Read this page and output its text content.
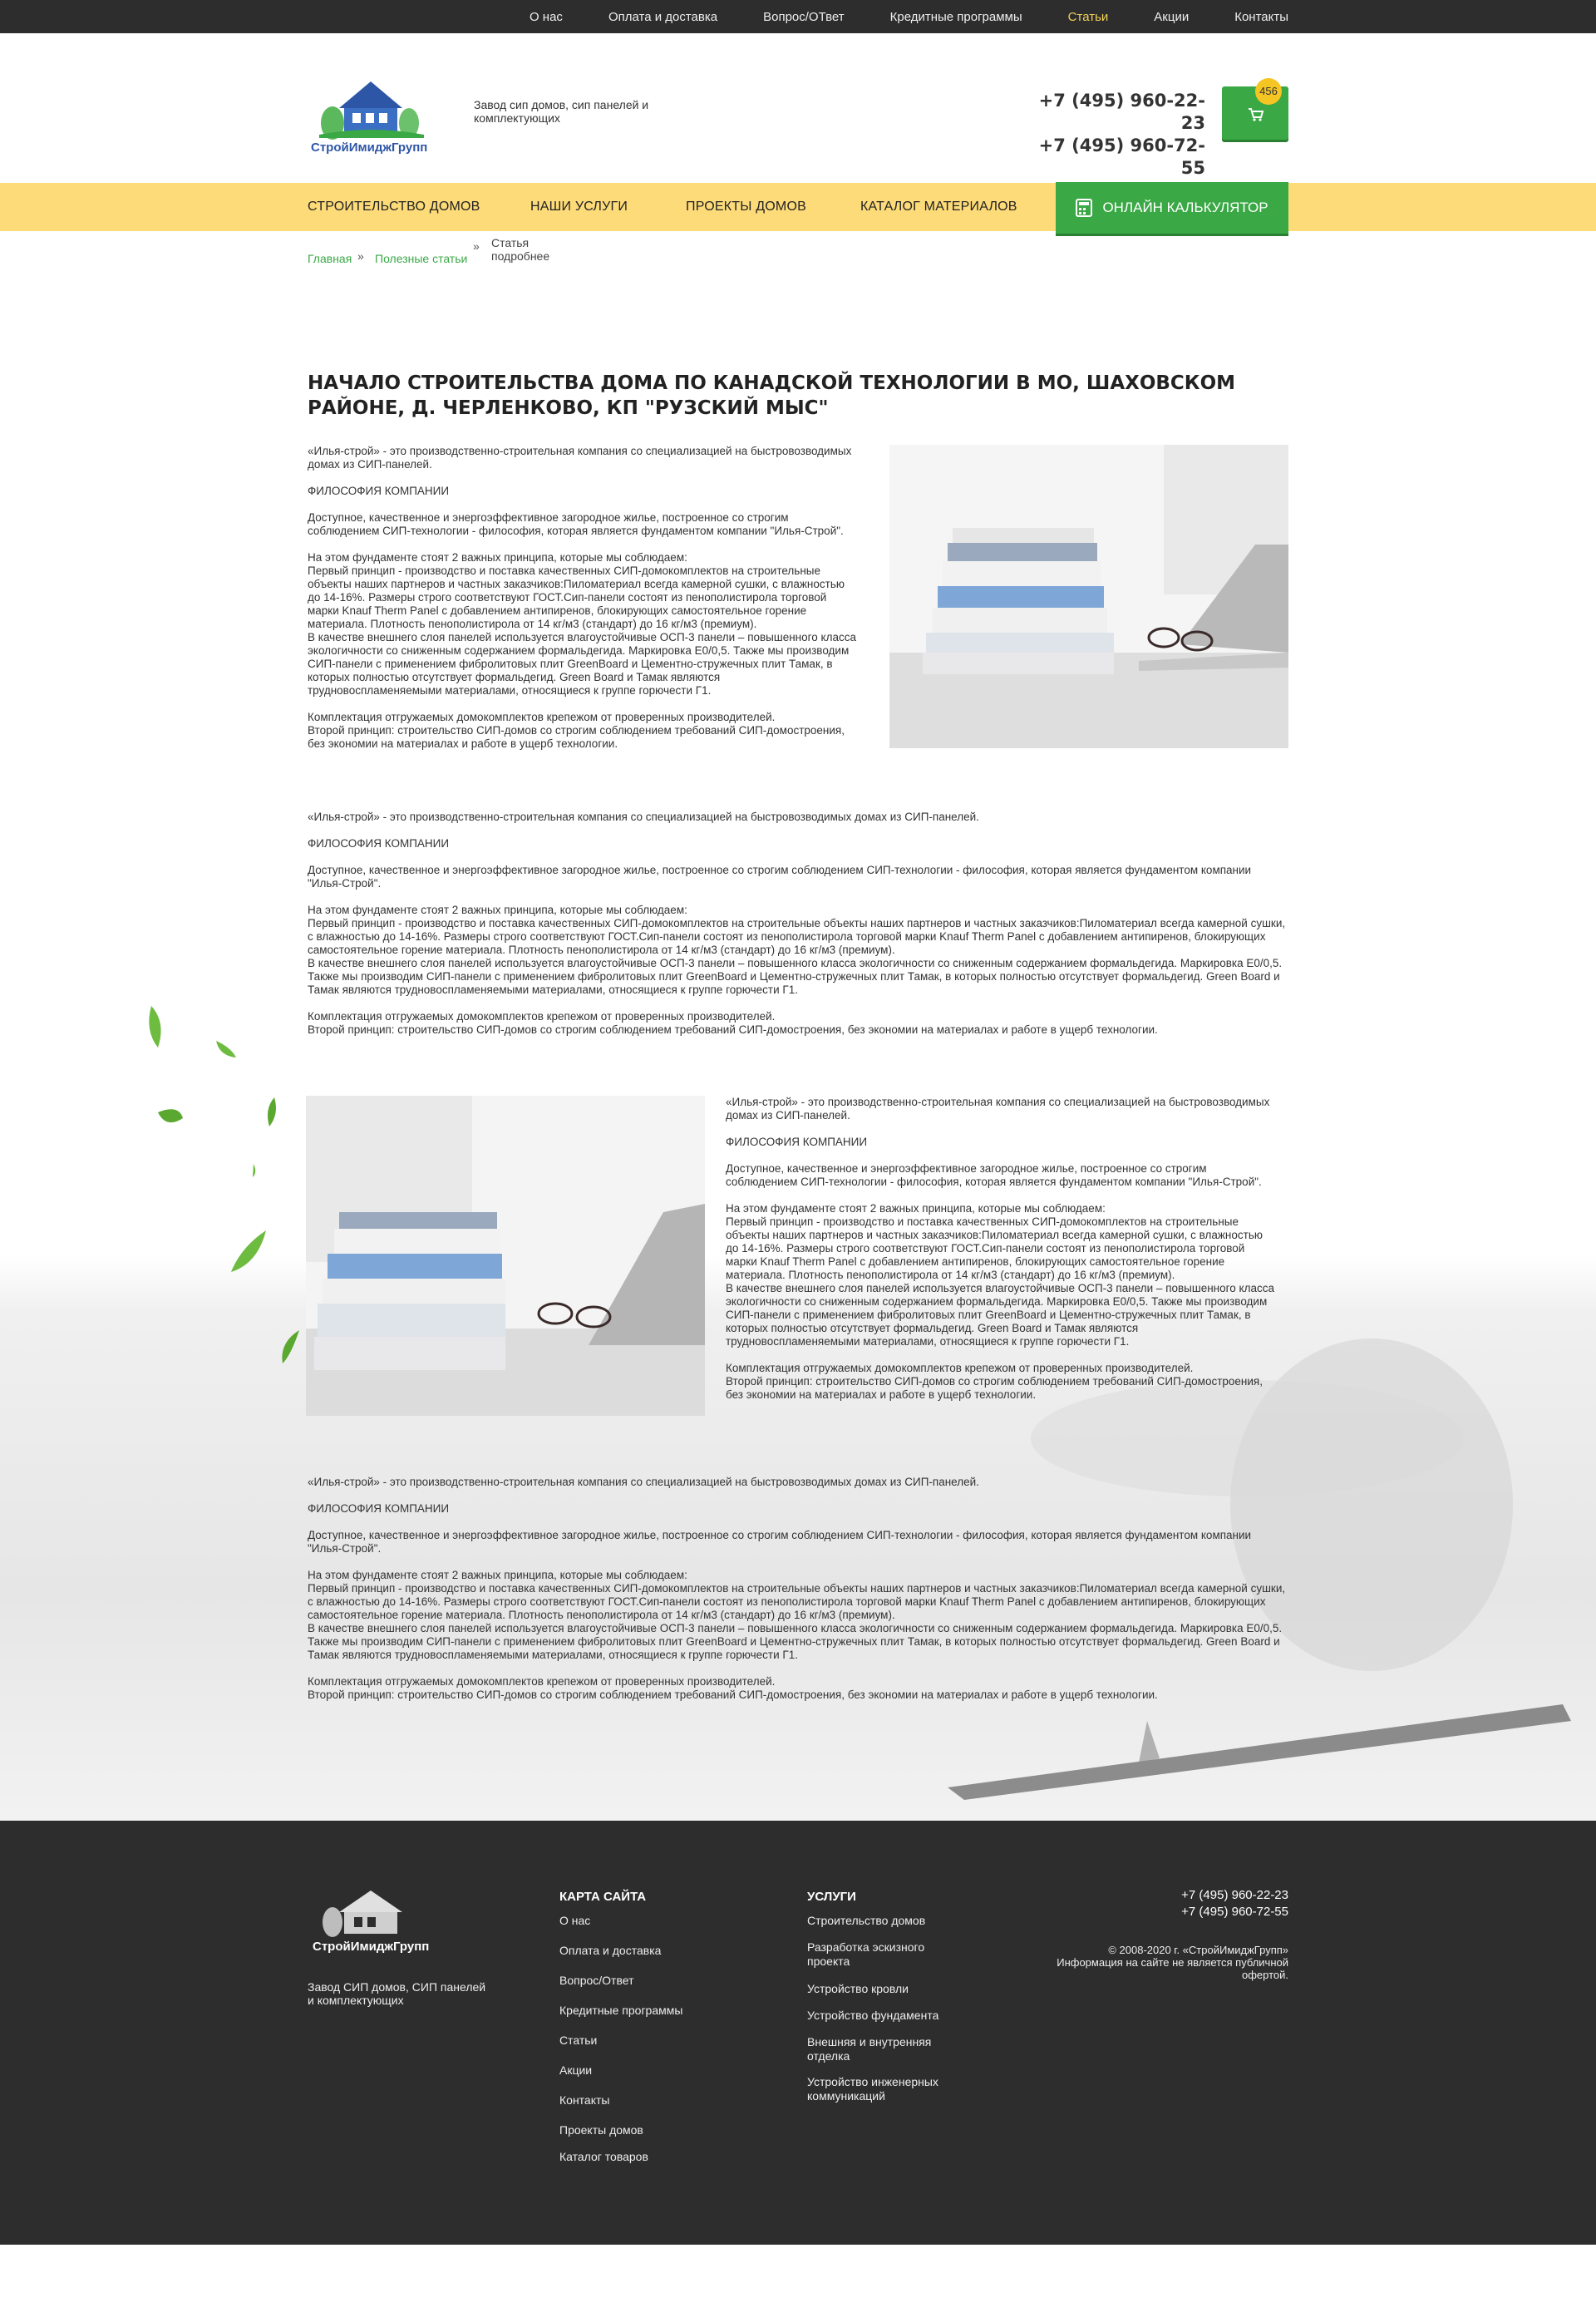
О нас	Оплата и доставка	Вопрос/ОТвет	Кредитные программы	Статьи	Акции	Контакты
СтройИмиджГрупп
Завод сип домов, сип панелей и комплектующих
+7 (495) 960-22-23
+7 (495) 960-72-55
456
СТРОИТЕЛЬСТВО ДОМОВ	НАШИ УСЛУГИ	ПРОЕКТЫ ДОМОВ	КАТАЛОГ МАТЕРИАЛОВ	ОНЛАЙН КАЛЬКУЛЯТОР
Главная » Полезные статьи
» Статья подробнее
НАЧАЛО СТРОИТЕЛЬСТВА ДОМА ПО КАНАДСКОЙ ТЕХНОЛОГИИ В МО, ШАХОВСКОМ РАЙОНЕ, Д. ЧЕРЛЕНКОВО, КП "РУЗСКИЙ МЫС"

«Илья-строй» - это производственно-строительная компания со специализацией на быстровозводимых домах из СИП-панелей.

ФИЛОСОФИЯ КОМПАНИИ

Доступное, качественное и энергоэффективное загородное жилье, построенное со строгим соблюдением СИП-технологии - философия, которая является фундаментом компании "Илья-Строй".

На этом фундаменте стоят 2 важных принципа, которые мы соблюдаем:

Первый принцип - производство и поставка качественных СИП-домокомплектов на строительные объекты наших партнеров и частных заказчиков:Пиломатериал всегда камерной сушки, с влажностью до 14-16%. Размеры строго соответствуют ГОСТ.Сип-панели состоят из пенополистирола торговой марки Knauf Therm Panel с добавлением антипиренов, блокирующих самостоятельное горение материала. Плотность пенополистирола от 14 кг/м3 (стандарт) до 16 кг/м3 (премиум).

В качестве внешнего слоя панелей используется влагоустойчивые ОСП-3 панели – повышенного класса экологичности со сниженным содержанием формальдегида. Маркировка Е0/0,5. Также мы производим СИП-панели с применением фибролитовых плит GreenBoard и Цементно-стружечных плит Тамак, в которых полностью отсутствует формальдегид. Green Board и Тамак являются трудновоспламеняемыми материалами, относящиеся к группе горючести Г1.

Комплектация отгружаемых домокомплектов крепежом от проверенных производителей.

Второй принцип: строительство СИП-домов со строгим соблюдением требований СИП-домостроения, без экономии на материалах и работе в ущерб технологии.

«Илья-строй» - это производственно-строительная компания со специализацией на быстровозводимых домах из СИП-панелей.

ФИЛОСОФИЯ КОМПАНИИ

Доступное, качественное и энергоэффективное загородное жилье, построенное со строгим соблюдением СИП-технологии - философия, которая является фундаментом компании "Илья-Строй".

На этом фундаменте стоят 2 важных принципа, которые мы соблюдаем:

Первый принцип - производство и поставка качественных СИП-домокомплектов на строительные объекты наших партнеров и частных заказчиков:Пиломатериал всегда камерной сушки, с влажностью до 14-16%. Размеры строго соответствуют ГОСТ.Сип-панели состоят из пенополистирола торговой марки Knauf Therm Panel с добавлением антипиренов, блокирующих самостоятельное горение материала. Плотность пенополистирола от 14 кг/м3 (стандарт) до 16 кг/м3 (премиум).

В качестве внешнего слоя панелей используется влагоустойчивые ОСП-3 панели – повышенного класса экологичности со сниженным содержанием формальдегида. Маркировка Е0/0,5. Также мы производим СИП-панели с применением фибролитовых плит GreenBoard и Цементно-стружечных плит Тамак, в которых полностью отсутствует формальдегид. Green Board и Тамак являются трудновоспламеняемыми материалами, относящиеся к группе горючести Г1.

Комплектация отгружаемых домокомплектов крепежом от проверенных производителей.

Второй принцип: строительство СИП-домов со строгим соблюдением требований СИП-домостроения, без экономии на материалах и работе в ущерб технологии.

«Илья-строй» - это производственно-строительная компания со специализацией на быстровозводимых домах из СИП-панелей.

ФИЛОСОФИЯ КОМПАНИИ

Доступное, качественное и энергоэффективное загородное жилье, построенное со строгим соблюдением СИП-технологии - философия, которая является фундаментом компании "Илья-Строй".

На этом фундаменте стоят 2 важных принципа, которые мы соблюдаем:

Первый принцип - производство и поставка качественных СИП-домокомплектов на строительные объекты наших партнеров и частных заказчиков:Пиломатериал всегда камерной сушки, с влажностью до 14-16%. Размеры строго соответствуют ГОСТ.Сип-панели состоят из пенополистирола торговой марки Knauf Therm Panel с добавлением антипиренов, блокирующих самостоятельное горение материала. Плотность пенополистирола от 14 кг/м3 (стандарт) до 16 кг/м3 (премиум).

В качестве внешнего слоя панелей используется влагоустойчивые ОСП-3 панели – повышенного класса экологичности со сниженным содержанием формальдегида. Маркировка Е0/0,5. Также мы производим СИП-панели с применением фибролитовых плит GreenBoard и Цементно-стружечных плит Тамак, в которых полностью отсутствует формальдегид. Green Board и Тамак являются трудновоспламеняемыми материалами, относящиеся к группе горючести Г1.

Комплектация отгружаемых домокомплектов крепежом от проверенных производителей.

Второй принцип: строительство СИП-домов со строгим соблюдением требований СИП-домостроения, без экономии на материалах и работе в ущерб технологии.

«Илья-строй» - это производственно-строительная компания со специализацией на быстровозводимых домах из СИП-панелей.

ФИЛОСОФИЯ КОМПАНИИ

Доступное, качественное и энергоэффективное загородное жилье, построенное со строгим соблюдением СИП-технологии - философия, которая является фундаментом компании "Илья-Строй".

На этом фундаменте стоят 2 важных принципа, которые мы соблюдаем:

Первый принцип - производство и поставка качественных СИП-домокомплектов на строительные объекты наших партнеров и частных заказчиков:Пиломатериал всегда камерной сушки, с влажностью до 14-16%. Размеры строго соответствуют ГОСТ.Сип-панели состоят из пенополистирола торговой марки Knauf Therm Panel с добавлением антипиренов, блокирующих самостоятельное горение материала. Плотность пенополистирола от 14 кг/м3 (стандарт) до 16 кг/м3 (премиум).

В качестве внешнего слоя панелей используется влагоустойчивые ОСП-3 панели – повышенного класса экологичности со сниженным содержанием формальдегида. Маркировка Е0/0,5. Также мы производим СИП-панели с применением фибролитовых плит GreenBoard и Цементно-стружечных плит Тамак, в которых полностью отсутствует формальдегид. Green Board и Тамак являются трудновоспламеняемыми материалами, относящиеся к группе горючести Г1.

Комплектация отгружаемых домокомплектов крепежом от проверенных производителей.

Второй принцип: строительство СИП-домов со строгим соблюдением требований СИП-домостроения, без экономии на материалах и работе в ущерб технологии.

СтройИмиджГрупп
Завод СИП домов, СИП панелей и комплектующих
КАРТА САЙТА
О нас
Оплата и доставка
Вопрос/Ответ
Кредитные программы
Статьи
Акции
Контакты
Проекты домов
Каталог товаров
УСЛУГИ
Строительство домов
Разработка эскизного проекта
Устройство кровли
Устройство фундамента
Внешняя и внутренняя отделка
Устройство инженерных коммуникаций
+7 (495) 960-22-23
+7 (495) 960-72-55
© 2008-2020 г. «СтройИмиджГрупп»
Информация на сайте не является публичной офертой.
